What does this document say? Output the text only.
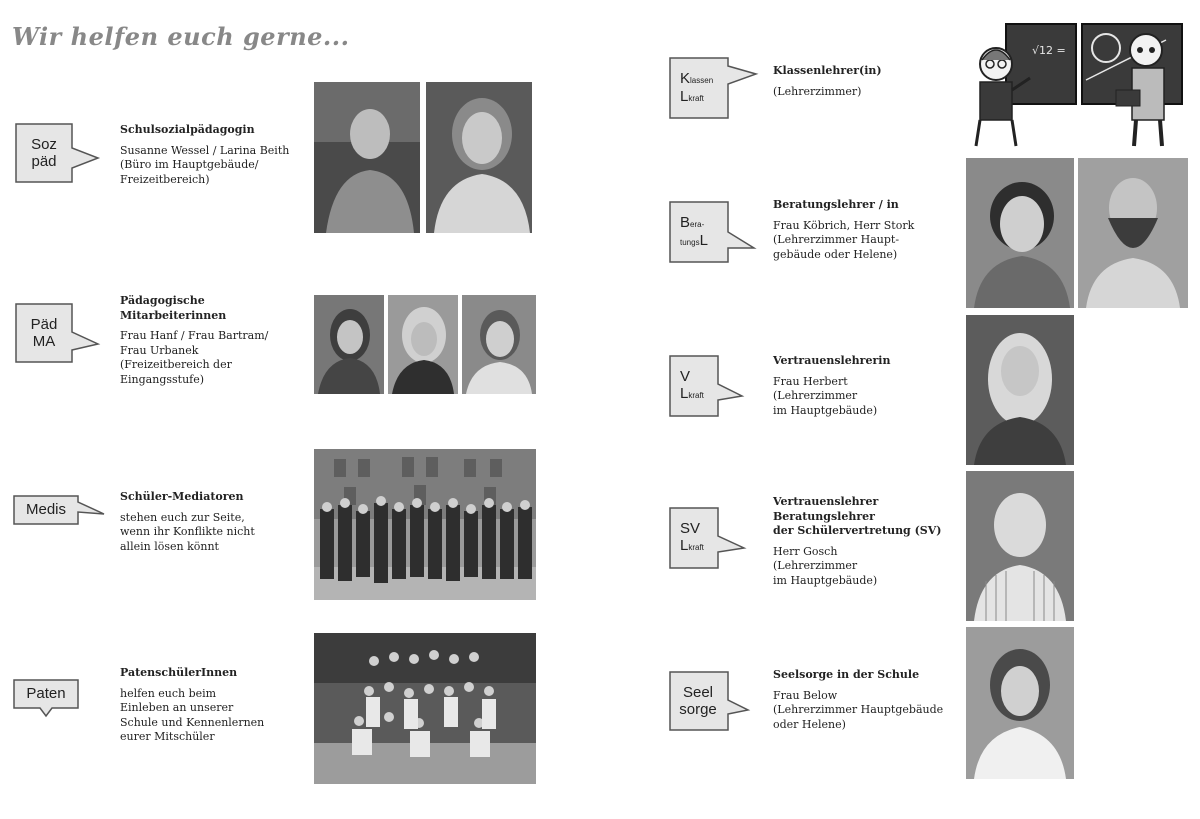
Wir helfen euch gerne...
Soz
päd
Schulsozialpädagogin
Susanne Wessel / Larina Beith
(Büro im Hauptgebäude/
Freizeitbereich)
Päd
MA
Pädagogische
Mitarbeiterinnen
Frau Hanf / Frau Bartram/
Frau Urbanek
(Freizeitbereich der
Eingangsstufe)
Medis
Schüler-Mediatoren
stehen euch zur Seite,
wenn ihr Konflikte nicht
allein lösen könnt
Paten
PatenschülerInnen
helfen euch beim
Einleben an unserer
Schule und Kennenlernen
eurer Mitschüler
Klassen
Lkraft
Klassenlehrer(in)
(Lehrerzimmer)
√12 =
Bera-
tungsL
Beratungslehrer / in
Frau Köbrich, Herr Stork
(Lehrerzimmer Haupt-
gebäude oder Helene)
V
Lkraft
Vertrauenslehrerin
Frau Herbert
(Lehrerzimmer
im Hauptgebäude)
SV
Lkraft
Vertrauenslehrer
Beratungslehrer
der Schülervertretung (SV)
Herr Gosch
(Lehrerzimmer
im Hauptgebäude)
Seel
sorge
Seelsorge in der Schule
Frau Below
(Lehrerzimmer Hauptgebäude
oder Helene)
